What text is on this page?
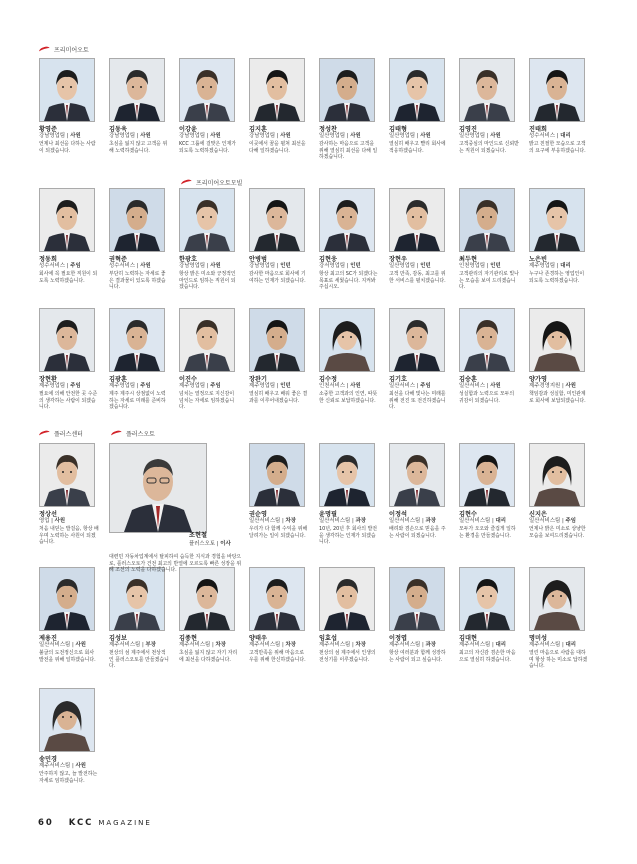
프리미어오토
프리미어오토모빌
플러스센터	플러스오토
황영준
강남영업팀 | 사원
언제나 최선을 다하는 사람이 되겠습니다.
김동욱
강남영업팀 | 사원
초심을 잃지 않고 고객을 위해 노력하겠습니다.
이강윤
강남영업팀 | 사원
KCC 그룹에 걸맞은 인재가 되도록 노력하겠습니다.
김지훈
강남영업팀 | 사원
이곳에서 꿈을 펼쳐 최선을 다해 일하겠습니다.
정성찬
일산영업팀 | 사원
감사하는 마음으로 고객을 위해 열심히 최선을 다해 일하겠습니다.
김태형
일산영업팀 | 사원
열심히 배우고 빨리 회사에 적응하겠습니다.
김영진
일산영업팀 | 사원
고객중심의 마인드로 신뢰받는 직원이 되겠습니다.
진태희
성수서비스 | 대리
밝고 친절한 모습으로 고객의 요구에 부응하겠습니다.
정동희
성수서비스 | 주임
회사에 꼭 필요한 직원이 되도록 노력하겠습니다.
권혁준
성수서비스 | 사원
부단히 노력하는 자세로 좋은 결과물이 있도록 하겠습니다.
한광호
강남영업팀 | 사원
항상 밝은 미소와 긍정적인 마인드로 임하는 직원이 되겠습니다.
안병범
강남영업팀 | 인턴
감사한 마음으로 회사에 기여하는 인재가 되겠습니다.
김현웅
강서영업팀 | 인턴
항상 최고의 SC가 되겠다는 목표로 세웠습니다. 지켜봐주십시오.
장현우
일산영업팀 | 인턴
고객 만족, 감동, 최고를 위한 서비스를 펼치겠습니다.
최두현
인천영업팀 | 인턴
고객관리의 자기관리로 빛나는 모습을 보여 드리겠습니다.
노은빈
제주영업팀 | 대리
누구나 존경하는 영업인이 되도록 노력하겠습니다.
장현환
제주영업팀 | 주임
필요에 의해 안전한 곳 수준의 생각하는 사람이 되겠습니다.
김광훈
제주영업팀 | 주임
제주 제주시 상점없이 노력하는 자세로 미래를 준비하겠습니다.
이진수
제주영업팀 | 주임
넘치는 열정으로 지신감이 넘치는 자세로 임하겠습니다.
장완기
제주영업팀 | 인턴
열심히 배우고 배워 좋은 결과를 이루어내겠습니다.
김수정
인천서비스 | 사원
소중한 고객과의 인연, 따뜻한 신뢰로 보답하겠습니다.
김기호
일산서비스 | 주임
최선을 다해 빛나는 미래를 위해 전진 또 전진하겠습니다.
김승훈
일산서비스 | 사원
성실함과 노력으로 모두의 귀감이 되겠습니다.
양가영
제주경영지원 | 사원
책임감과 성실함, 미인관계로 회사에 보답되겠습니다.
권순영
일산서비스팀 | 차장
우리가 다 함께 수익을 위해 달려가는 일이 되겠습니다.
윤명필
일산서비스팀 | 과장
10년, 20년 후 회사의 발전을 생각하는 인재가 되겠습니다.
이정석
일산서비스팀 | 과장
배려와 겸손으로 믿음을 주는 사람이 되겠습니다.
김현수
일산서비스팀 | 대리
모두가 오오와 즐겁게 일하는 환경을 만들겠습니다.
신지은
일산서비스팀 | 주임
언제나 밝은 미소로 상냥한 모습을 보여드리겠습니다.
제용진
일산서비스팀 | 사원
불굴의 도전정신으로 회사 발전을 위해 일하겠습니다.
김성보
제주서비스팀 | 부장
천상의 섬 제주에서 천상적인 플러스오토를 만들겠습니다.
김종현
제주서비스팀 | 차장
초심을 잃지 않고 자기 자리에 최선을 다하겠습니다.
양태우
제주서비스팀 | 차장
고객만족을 위해 마음으로 우를 위해 한신하겠습니다.
임효섭
제주서비스팀 | 차장
천상의 섬 제주에서 인생의 전성기를 이루겠습니다.
이정엽
제주서비스팀 | 과장
항상 여러분과 함께 성장하는 사람이 되고 싶습니다.
김대현
제주서비스팀 | 대리
최고의 자신감 겸손한 마음으로 열심히 하겠습니다.
명미성
제주서비스팀 | 대리
열린 마음으로 사람을 대하며 항상 하는 미소로 답하겠습니다.
송민경
제주서비스팀 | 사원
안주하지 않고, 늘 발전하는 자세로 임하겠습니다.
정상선
영업 | 사원
처음 내딛는 발걸음, 항상 배우며 노력하는 사원이 되겠습니다.
조현철
플러스오토 | 이사
대련민 자동차업계에서 탈피하여 습득한 지식과 경험을 바탕으로, 플러스오토가 건전 최고의 반열에 오르도록 빠른 성장을 위해 조선의 노력을 다하겠습니다.
60 KCC MAGAZINE
